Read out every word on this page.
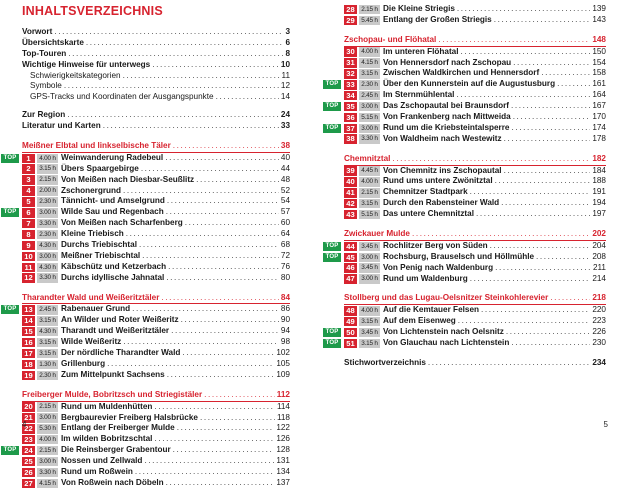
INHALTSVERZEICHNIS
Vorwort .....	3
Übersichtskarte .....	6
Top-Touren .....	8
Wichtige Hinweise für unterwegs .....	10
Schwierigkeitskategorien .....	11
Symbole .....	12
GPS-Tracks und Koordinaten der Ausgangspunkte .....	14
Zur Region .....	24
Literatur und Karten .....	33
Meißner Elbtal und linkselbische Täler .....	38
TOP	1	4.00 h Weinwanderung Radebeul .....	40
2	3.15 h Übers Spaargebirge .....	44
3	2.15 h Von Meißen nach Diesbar-Seußlitz .....	48
4	2.00 h Zschonergrund .....	52
5	2.30 h Tännicht- und Amselgrund .....	54
TOP	6	3.00 h Wilde Sau und Regenbach .....	57
7	3.30 h Von Meißen nach Scharfenberg .....	60
8	2.30 h Kleine Triebisch .....	64
9	4.30 h Durchs Triebischtal .....	68
10	3.00 h Meißner Triebischtal .....	72
11	4.30 h Käbschütz und Ketzerbach .....	76
12	3.30 h Durchs idyllische Jahnatal .....	80
Tharandter Wald und Weißeritztäler .....	84
TOP	13	2.45 h Rabenauer Grund .....	86
14	3.15 h An Wilder und Roter Weißeritz .....	90
15	4.30 h Tharandt und Weißeritztäler .....	94
16	3.15 h Wilde Weißeritz .....	98
17	3.15 h Der nördliche Tharandter Wald .....	102
18	1.30 h Grillenburg .....	105
19	2.30 h Zum Mittelpunkt Sachsens .....	109
Freiberger Mulde, Bobritzsch und Striegistäler .....	112
20	2.15 h Rund um Muldenhütten .....	114
21	3.00 h Bergbaurevier Freiberg Halsbrücke .....	118
22	5.30 h Entlang der Freiberger Mulde .....	122
23	4.00 h Im wilden Bobritzschtal .....	126
TOP	24	2.15 h Die Reinsberger Grabentour .....	128
25	3.00 h Nossen und Zellwald .....	131
26	3.30 h Rund um Roßwein .....	134
27	4.15 h Von Roßwein nach Döbeln .....	137
4
28	2.15 h Die Kleine Striegis .....	139
29	5.45 h Entlang der Großen Striegis .....	143
Zschopau- und Flöhatal .....	148
30	4.00 h Im unteren Flöhatal .....	150
31	4.15 h Von Hennersdorf nach Zschopau .....	154
32	3.15 h Zwischen Waldkirchen und Hennersdorf .....	158
TOP	33	2.30 h Über den Kunnerstein auf die Augustusburg .....	161
34	2.45 h Im Sternmühlental .....	164
TOP	35	3.00 h Das Zschopautal bei Braunsdorf .....	167
36	5.15 h Von Frankenberg nach Mittweida .....	170
TOP	37	3.00 h Rund um die Kriebsteintalsperre .....	174
38	3.30 h Von Waldheim nach Westewitz .....	178
Chemnitztal .....	182
39	4.45 h Von Chemnitz ins Zschopautal .....	184
40	4.00 h Rund ums untere Zwönitztal .....	188
41	2.15 h Chemnitzer Stadtpark .....	191
42	3.15 h Durch den Rabensteiner Wald .....	194
43	5.15 h Das untere Chemnitztal .....	197
Zwickauer Mulde .....	202
TOP	44	3.45 h Rochlitzer Berg von Süden .....	204
TOP	45	3.00 h Rochsburg, Brauselsch und Höllmühle .....	208
46	3.45 h Von Penig nach Waldenburg .....	211
47	3.00 h Rund um Waldenburg .....	214
Stollberg und das Lugau-Oelsnitzer Steinkohlerevier .....	218
48	4.00 h Auf die Kemtauer Felsen .....	220
49	3.15 h Auf dem Eisenweg .....	223
TOP	50	3.45 h Von Lichtenstein nach Oelsnitz .....	226
TOP	51	3.15 h Von Glauchau nach Lichtenstein .....	230
Stichwortverzeichnis .....	234
5
